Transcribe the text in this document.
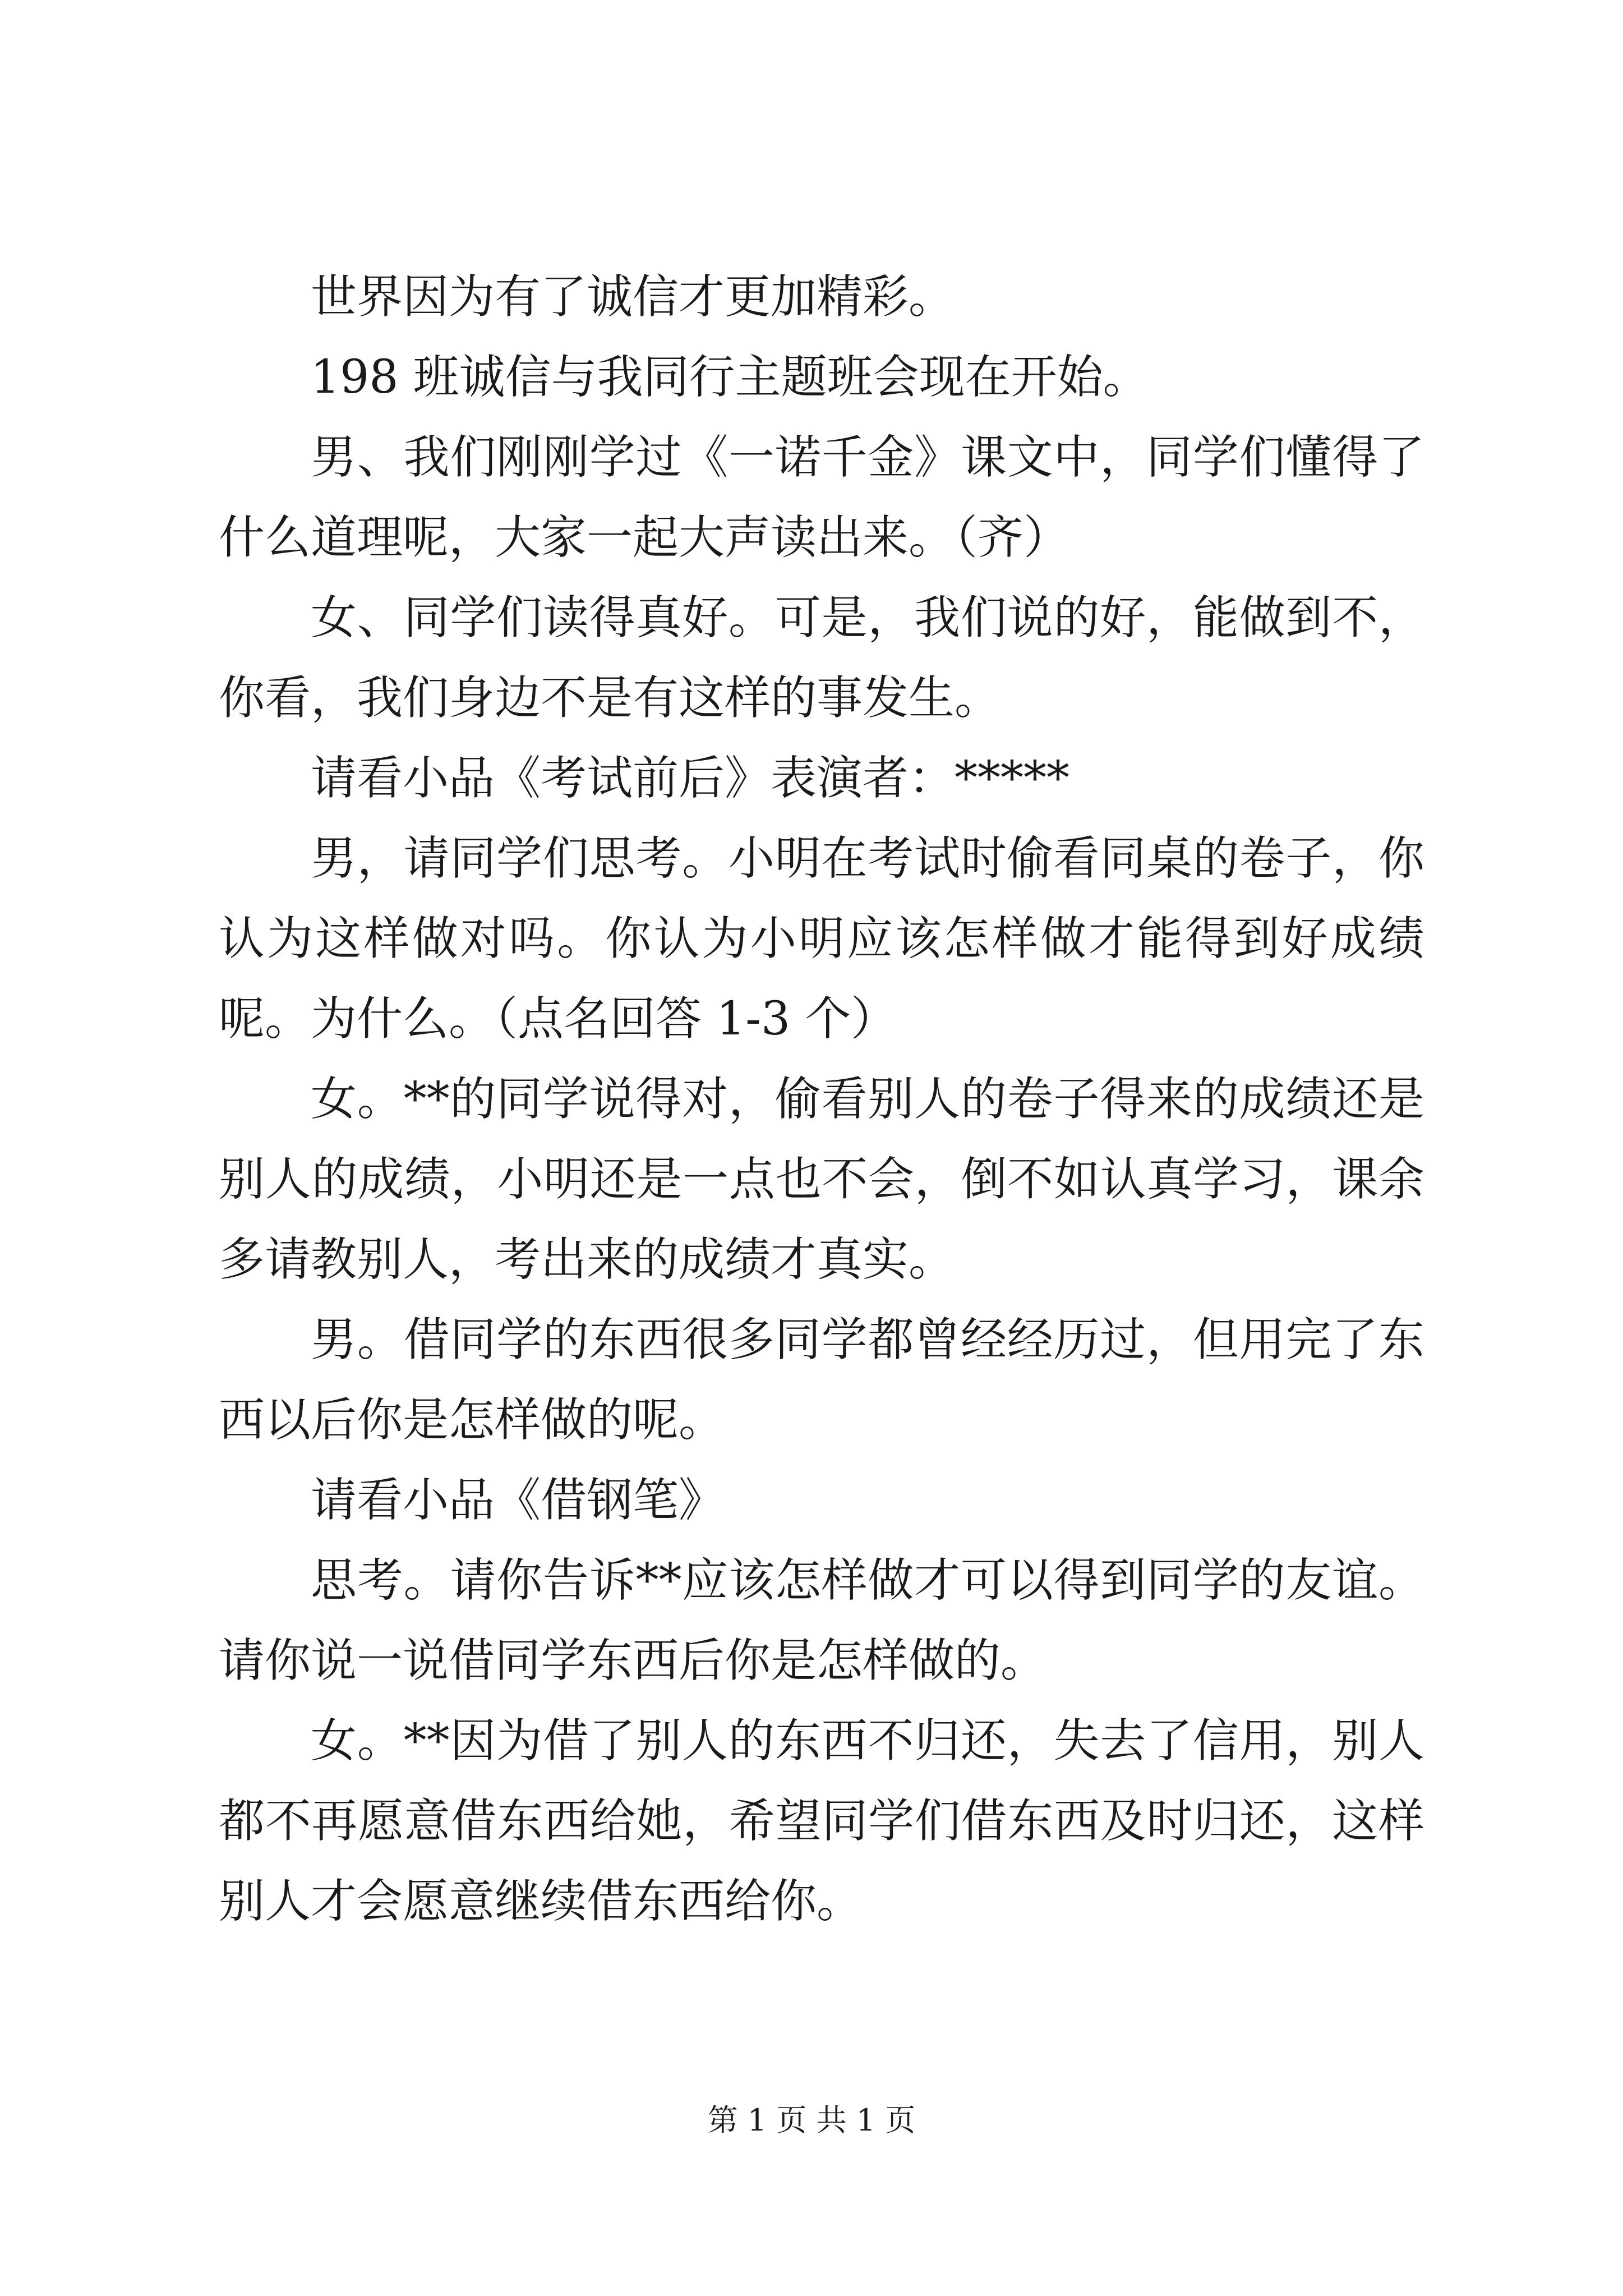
世界因为有了诚信才更加精彩。

198 班诚信与我同行主题班会现在开始。

男、我们刚刚学过《一诺千金》课文中，同学们懂得了什么道理呢，大家一起大声读出来。（齐）

女、同学们读得真好。可是，我们说的好，能做到不，你看，我们身边不是有这样的事发生。

请看小品《考试前后》表演者：*****

男，请同学们思考。小明在考试时偷看同桌的卷子，你认为这样做对吗。你认为小明应该怎样做才能得到好成绩呢。为什么。（点名回答 1-3 个）

女。**的同学说得对，偷看别人的卷子得来的成绩还是别人的成绩，小明还是一点也不会，倒不如认真学习，课余多请教别人，考出来的成绩才真实。

男。借同学的东西很多同学都曾经经历过，但用完了东西以后你是怎样做的呢。

请看小品《借钢笔》

思考。请你告诉**应该怎样做才可以得到同学的友谊。请你说一说借同学东西后你是怎样做的。

女。**因为借了别人的东西不归还，失去了信用，别人都不再愿意借东西给她，希望同学们借东西及时归还，这样别人才会愿意继续借东西给你。

第 1 页 共 1 页
